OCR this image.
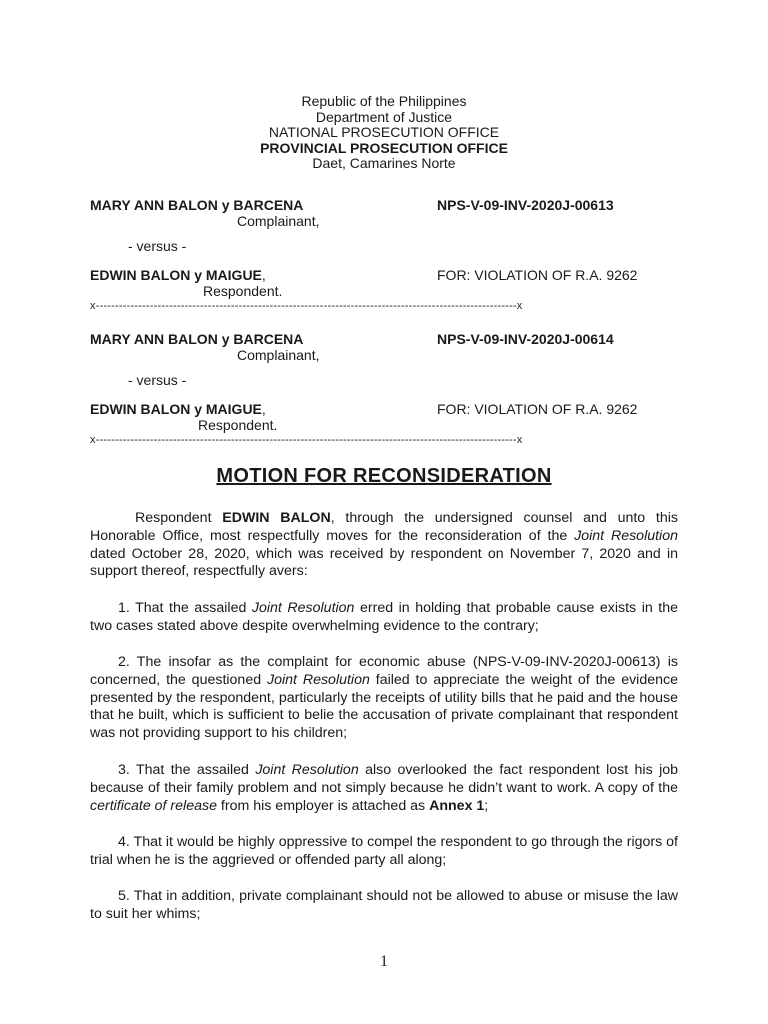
Republic of the Philippines
Department of Justice
NATIONAL PROSECUTION OFFICE
PROVINCIAL PROSECUTION OFFICE
Daet, Camarines Norte
MARY ANN BALON y BARCENA
Complainant,
NPS-V-09-INV-2020J-00613
- versus -
EDWIN BALON y MAIGUE,
Respondent.
FOR: VIOLATION OF R.A. 9262
x-------------------------------------------------------------------------------------------------------------x
MARY ANN BALON y BARCENA
Complainant,
NPS-V-09-INV-2020J-00614
- versus -
EDWIN BALON y MAIGUE,
Respondent.
FOR: VIOLATION OF R.A. 9262
x-------------------------------------------------------------------------------------------------------------x
MOTION FOR RECONSIDERATION
Respondent EDWIN BALON, through the undersigned counsel and unto this Honorable Office, most respectfully moves for the reconsideration of the Joint Resolution dated October 28, 2020, which was received by respondent on November 7, 2020 and in support thereof, respectfully avers:
1. That the assailed Joint Resolution erred in holding that probable cause exists in the two cases stated above despite overwhelming evidence to the contrary;
2. The insofar as the complaint for economic abuse (NPS-V-09-INV-2020J-00613) is concerned, the questioned Joint Resolution failed to appreciate the weight of the evidence presented by the respondent, particularly the receipts of utility bills that he paid and the house that he built, which is sufficient to belie the accusation of private complainant that respondent was not providing support to his children;
3. That the assailed Joint Resolution also overlooked the fact respondent lost his job because of their family problem and not simply because he didn’t want to work. A copy of the certificate of release from his employer is attached as Annex 1;
4. That it would be highly oppressive to compel the respondent to go through the rigors of trial when he is the aggrieved or offended party all along;
5. That in addition, private complainant should not be allowed to abuse or misuse the law to suit her whims;
1
